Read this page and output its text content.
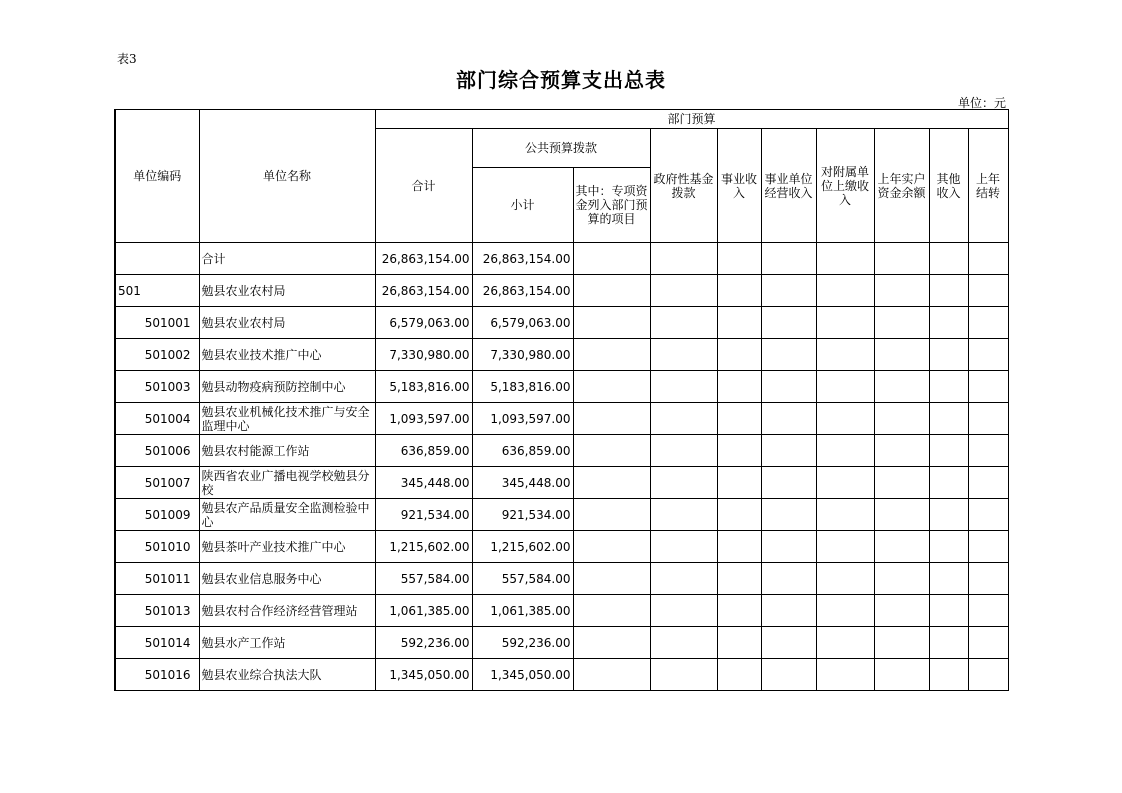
表3
部门综合预算支出总表
单位：元
单位编码	单位名称	部门预算									
		合计	公共预算拨款		政府性基金拨款	事业收入	事业单位经营收入	对附属单位上缴收入	上年实户资金余额	其他收入	上年结转
			小计	其中：专项资金列入部门预算的项目							
	合计	26,863,154.00	26,863,154.00								
501	勉县农业农村局	26,863,154.00	26,863,154.00								
501001	勉县农业农村局	6,579,063.00	6,579,063.00								
501002	勉县农业技术推广中心	7,330,980.00	7,330,980.00								
501003	勉县动物疫病预防控制中心	5,183,816.00	5,183,816.00								
501004	勉县农业机械化技术推广与安全监理中心	1,093,597.00	1,093,597.00								
501006	勉县农村能源工作站	636,859.00	636,859.00								
501007	陕西省农业广播电视学校勉县分校	345,448.00	345,448.00								
501009	勉县农产品质量安全监测检验中心	921,534.00	921,534.00								
501010	勉县茶叶产业技术推广中心	1,215,602.00	1,215,602.00								
501011	勉县农业信息服务中心	557,584.00	557,584.00								
501013	勉县农村合作经济经营管理站	1,061,385.00	1,061,385.00								
501014	勉县水产工作站	592,236.00	592,236.00								
501016	勉县农业综合执法大队	1,345,050.00	1,345,050.00								
